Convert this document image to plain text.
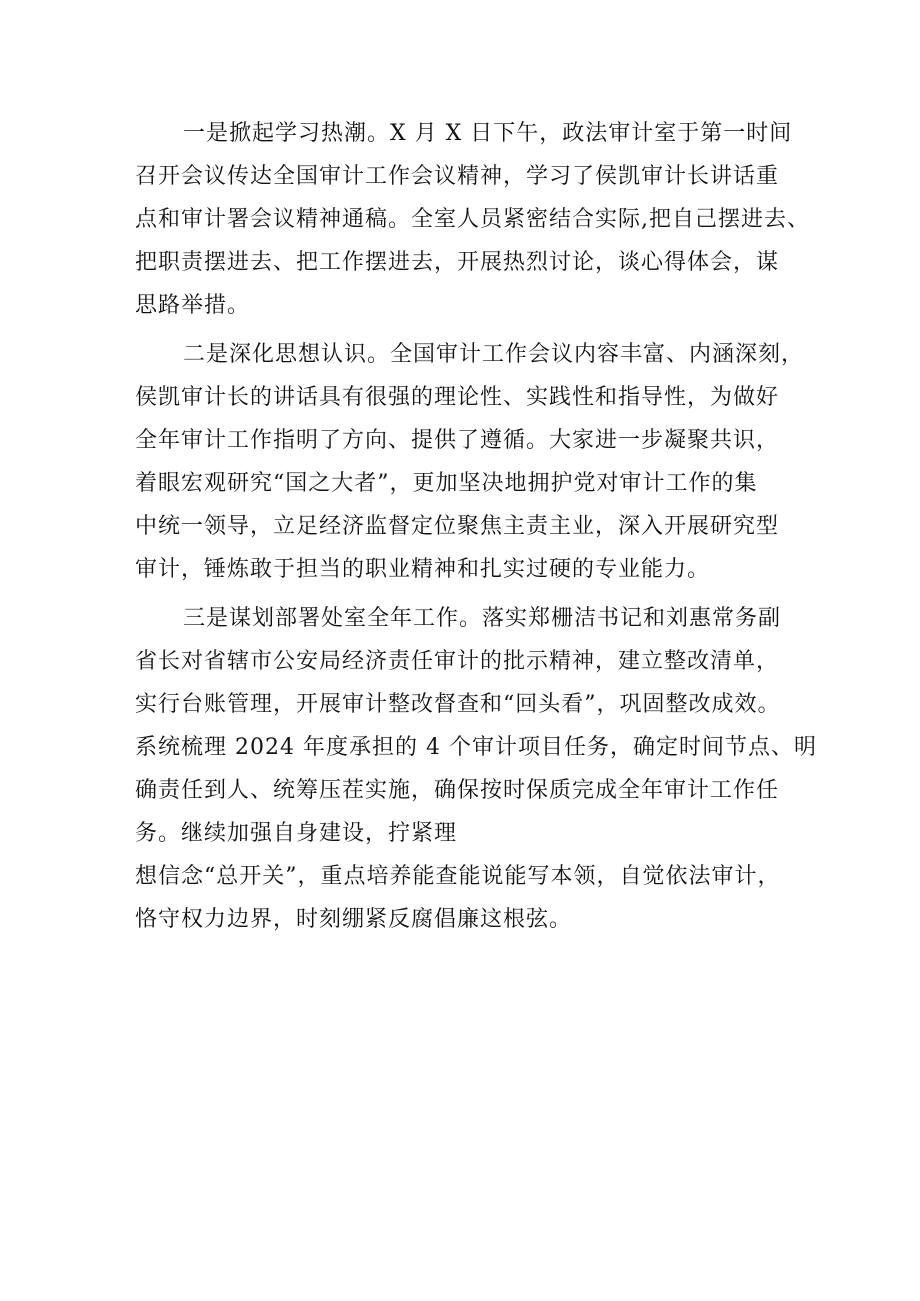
一是掀起学习热潮。X 月 X 日下午，政法审计室于第一时间
召开会议传达全国审计工作会议精神，学习了侯凯审计长讲话重
点和审计署会议精神通稿。全室人员紧密结合实际,把自己摆进去、
把职责摆进去、把工作摆进去，开展热烈讨论，谈心得体会，谋
思路举措。
二是深化思想认识。全国审计工作会议内容丰富、内涵深刻，
侯凯审计长的讲话具有很强的理论性、实践性和指导性，为做好
全年审计工作指明了方向、提供了遵循。大家进一步凝聚共识，
着眼宏观研究“国之大者”，更加坚决地拥护党对审计工作的集
中统一领导，立足经济监督定位聚焦主责主业，深入开展研究型
审计，锤炼敢于担当的职业精神和扎实过硬的专业能力。
三是谋划部署处室全年工作。落实郑栅洁书记和刘惠常务副
省长对省辖市公安局经济责任审计的批示精神，建立整改清单，
实行台账管理，开展审计整改督查和“回头看”，巩固整改成效。
系统梳理 2024 年度承担的 4 个审计项目任务，确定时间节点、明
确责任到人、统筹压茬实施，确保按时保质完成全年审计工作任
务。继续加强自身建设，拧紧理
想信念“总开关”，重点培养能查能说能写本领，自觉依法审计，
恪守权力边界，时刻绷紧反腐倡廉这根弦。
